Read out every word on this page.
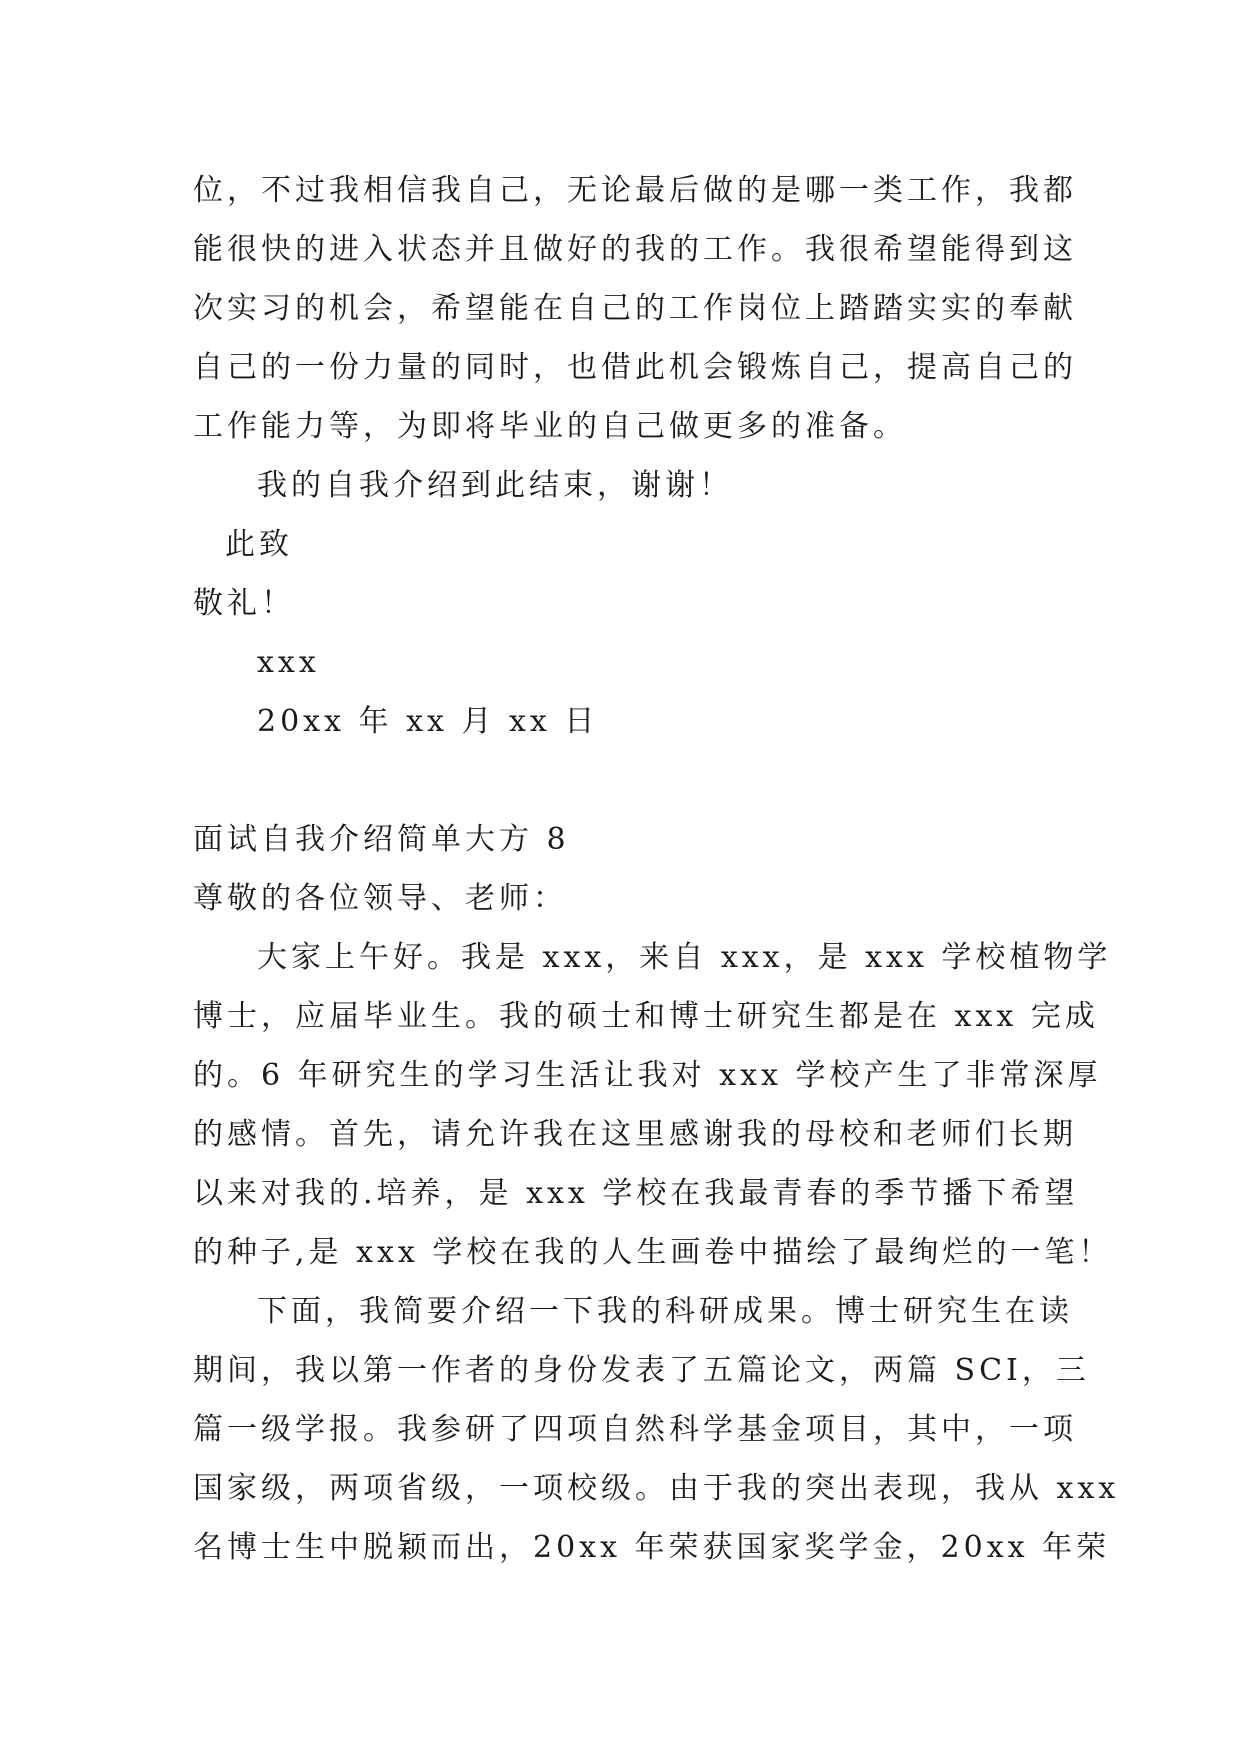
位，不过我相信我自己，无论最后做的是哪一类工作，我都
能很快的进入状态并且做好的我的工作。我很希望能得到这
次实习的机会，希望能在自己的工作岗位上踏踏实实的奉献
自己的一份力量的同时，也借此机会锻炼自己，提高自己的
工作能力等，为即将毕业的自己做更多的准备。
我的自我介绍到此结束，谢谢！
此致
敬礼！
xxx
20xx 年 xx 月 xx 日
面试自我介绍简单大方 8
尊敬的各位领导、老师：
大家上午好。我是 xxx，来自 xxx，是 xxx 学校植物学
博士，应届毕业生。我的硕士和博士研究生都是在 xxx 完成
的。6 年研究生的学习生活让我对 xxx 学校产生了非常深厚
的感情。首先，请允许我在这里感谢我的母校和老师们长期
以来对我的.培养，是 xxx 学校在我最青春的季节播下希望
的种子,是 xxx 学校在我的人生画卷中描绘了最绚烂的一笔！
下面，我简要介绍一下我的科研成果。博士研究生在读
期间，我以第一作者的身份发表了五篇论文，两篇 SCI，三
篇一级学报。我参研了四项自然科学基金项目，其中，一项
国家级，两项省级，一项校级。由于我的突出表现，我从 xxx
名博士生中脱颖而出，20xx 年荣获国家奖学金，20xx 年荣
